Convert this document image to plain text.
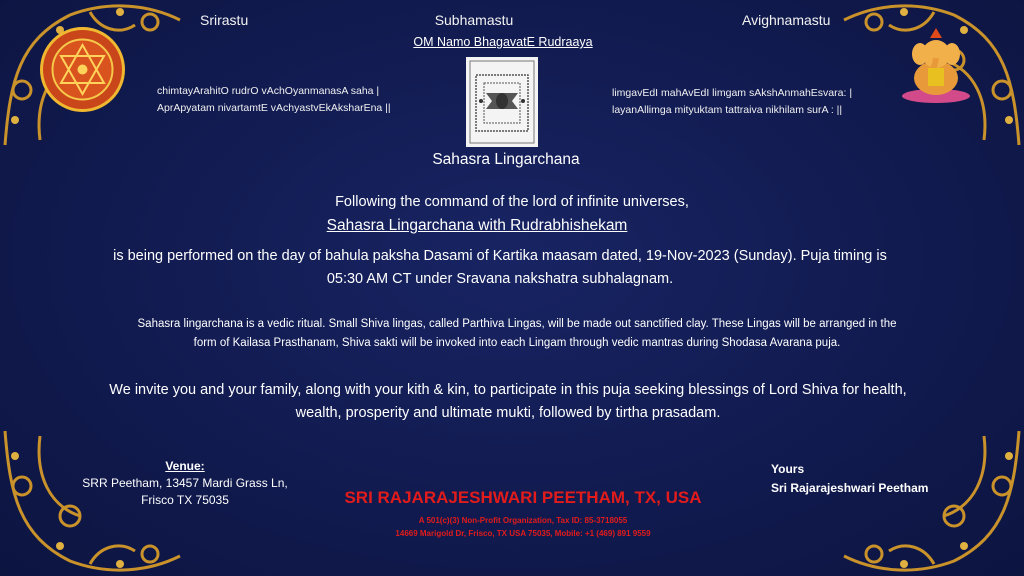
Srirastu	Subhamastu	Avighnamastu
OM Namo BhagavatE Rudraaya
chimtayArahitO rudrO vAchOyanmanasA saha |
AprApyatam nivartamtE vAchyastvEkAksharEna ||
limgavEdI mahAvEdI limgam sAkshAnmahEsvara: |
layanAllimga mityuktam tattraiva nikhilam surA : ||
Sahasra Lingarchana
Following the command of the lord of infinite universes,
Sahasra Lingarchana with Rudrabhishekam
is being performed on the day of bahula paksha Dasami of Kartika maasam dated, 19-Nov-2023 (Sunday). Puja timing is
05:30 AM CT under Sravana nakshatra subhalagnam.
Sahasra lingarchana is a vedic ritual. Small Shiva lingas, called Parthiva Lingas, will be made out sanctified clay. These Lingas will be arranged in the
form of Kailasa Prasthanam, Shiva sakti will be invoked into each Lingam through vedic mantras during Shodasa Avarana puja.
We invite you and your family, along with your kith & kin, to participate in this puja seeking blessings of Lord Shiva for health,
wealth, prosperity and ultimate mukti, followed by tirtha prasadam.
Venue:
SRR Peetham, 13457 Mardi Grass Ln,
Frisco TX 75035	SRI RAJARAJESHWARI PEETHAM, TX, USA
A 501(c)(3) Non-Profit Organization, Tax ID: 85-3718055
14669 Marigold Dr, Frisco, TX USA 75035, Mobile: +1 (469) 891 9559
Yours
Sri Rajarajeshwari Peetham
